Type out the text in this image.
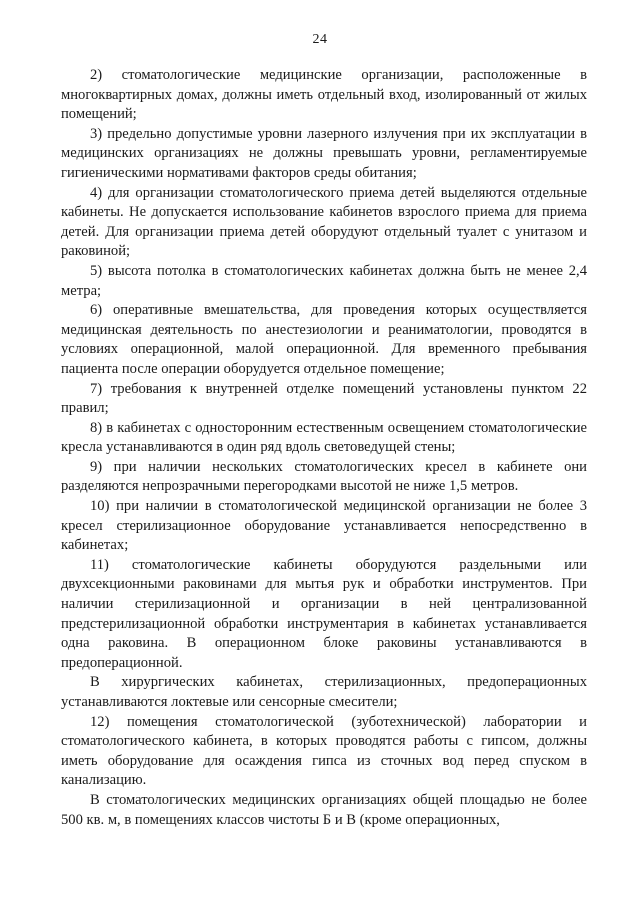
24

2) стоматологические медицинские организации, расположенные в многоквартирных домах, должны иметь отдельный вход, изолированный от жилых помещений;

3) предельно допустимые уровни лазерного излучения при их эксплуатации в медицинских организациях не должны превышать уровни, регламентируемые гигиеническими нормативами факторов среды обитания;

4) для организации стоматологического приема детей выделяются отдельные кабинеты. Не допускается использование кабинетов взрослого приема для приема детей. Для организации приема детей оборудуют отдельный туалет с унитазом и раковиной;

5) высота потолка в стоматологических кабинетах должна быть не менее 2,4 метра;

6) оперативные вмешательства, для проведения которых осуществляется медицинская деятельность по анестезиологии и реаниматологии, проводятся в условиях операционной, малой операционной. Для временного пребывания пациента после операции оборудуется отдельное помещение;

7) требования к внутренней отделке помещений установлены пунктом 22 правил;

8) в кабинетах с односторонним естественным освещением стоматологические кресла устанавливаются в один ряд вдоль световедущей стены;

9) при наличии нескольких стоматологических кресел в кабинете они разделяются непрозрачными перегородками высотой не ниже 1,5 метров.

10) при наличии в стоматологической медицинской организации не более 3 кресел стерилизационное оборудование устанавливается непосредственно в кабинетах;

11) стоматологические кабинеты оборудуются раздельными или двухсекционными раковинами для мытья рук и обработки инструментов. При наличии стерилизационной и организации в ней централизованной предстерилизационной обработки инструментария в кабинетах устанавливается одна раковина. В операционном блоке раковины устанавливаются в предоперационной.

В хирургических кабинетах, стерилизационных, предоперационных устанавливаются локтевые или сенсорные смесители;

12) помещения стоматологической (зуботехнической) лаборатории и стоматологического кабинета, в которых проводятся работы с гипсом, должны иметь оборудование для осаждения гипса из сточных вод перед спуском в канализацию.

В стоматологических медицинских организациях общей площадью не более 500 кв. м, в помещениях классов чистоты Б и В (кроме операционных,
